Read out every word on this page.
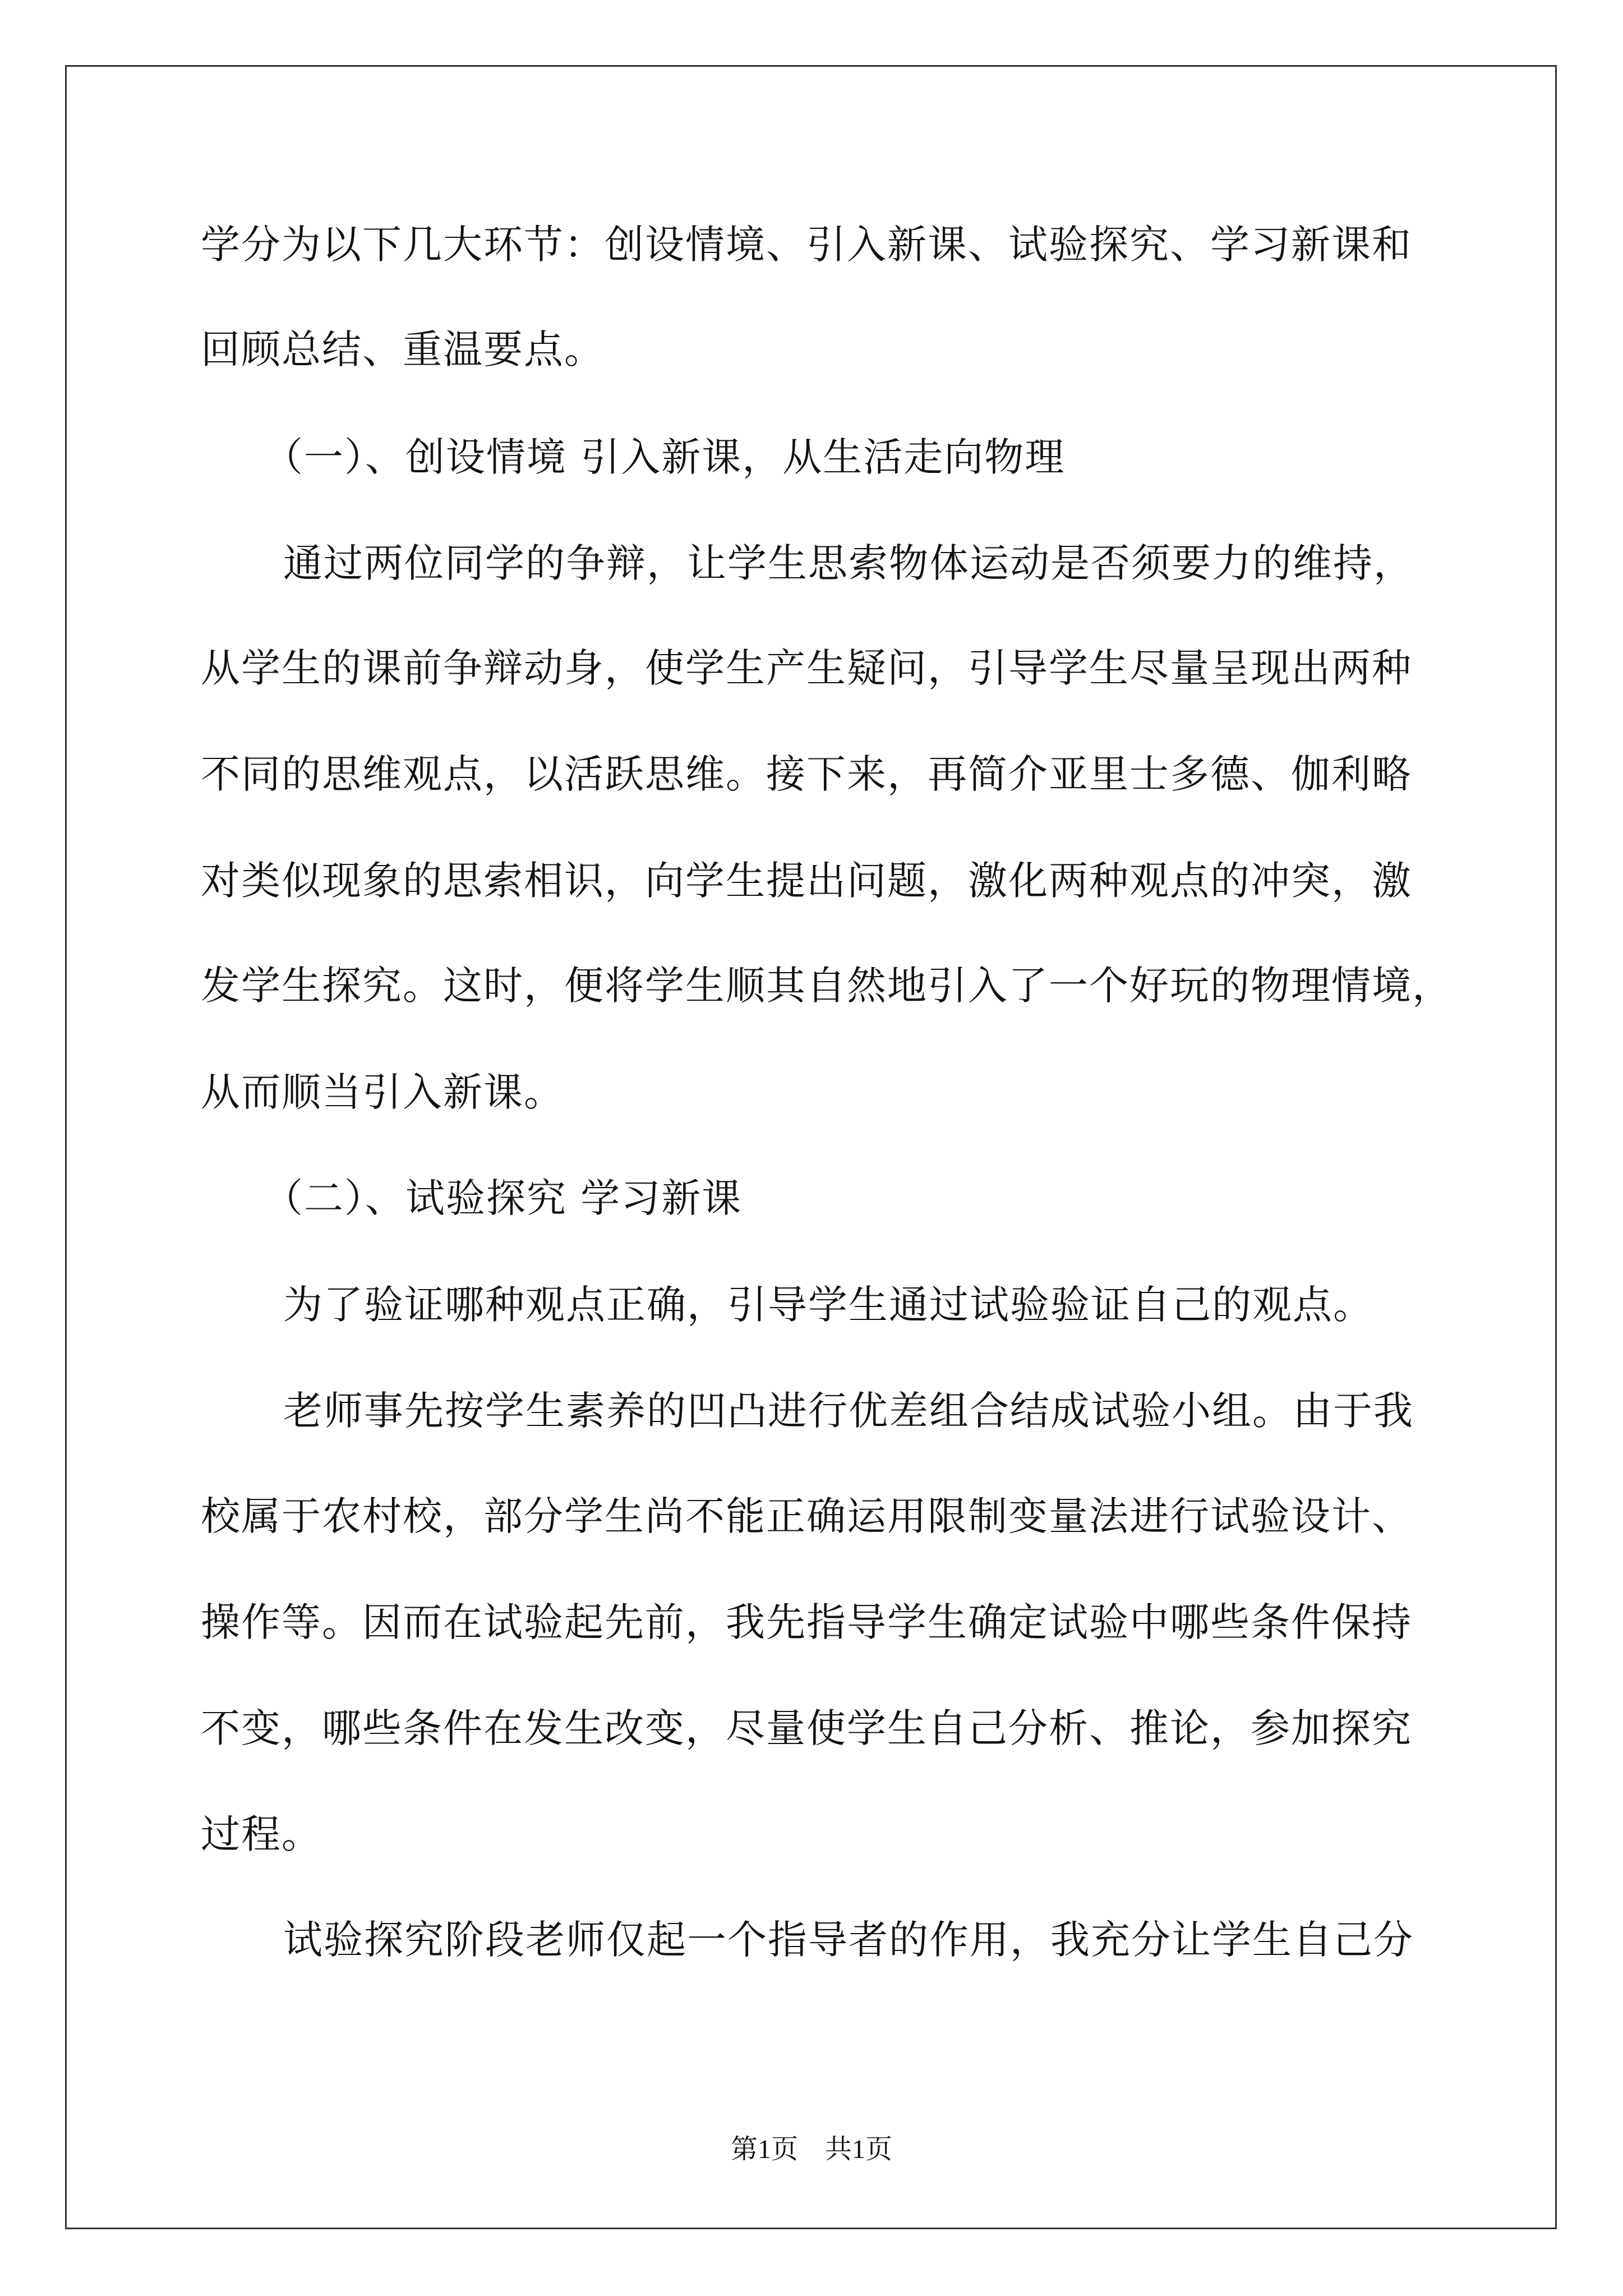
学分为以下几大环节：创设情境、引入新课、试验探究、学习新课和

回顾总结、重温要点。

（一）、创设情境 引入新课，从生活走向物理

通过两位同学的争辩，让学生思索物体运动是否须要力的维持，

从学生的课前争辩动身，使学生产生疑问，引导学生尽量呈现出两种

不同的思维观点，以活跃思维。接下来，再简介亚里士多德、伽利略

对类似现象的思索相识，向学生提出问题，激化两种观点的冲突，激

发学生探究。这时，便将学生顺其自然地引入了一个好玩的物理情境，

从而顺当引入新课。

（二）、试验探究 学习新课

为了验证哪种观点正确，引导学生通过试验验证自己的观点。

老师事先按学生素养的凹凸进行优差组合结成试验小组。由于我

校属于农村校，部分学生尚不能正确运用限制变量法进行试验设计、

操作等。因而在试验起先前，我先指导学生确定试验中哪些条件保持

不变，哪些条件在发生改变，尽量使学生自己分析、推论，参加探究

过程。

试验探究阶段老师仅起一个指导者的作用，我充分让学生自己分

第1页　共1页
